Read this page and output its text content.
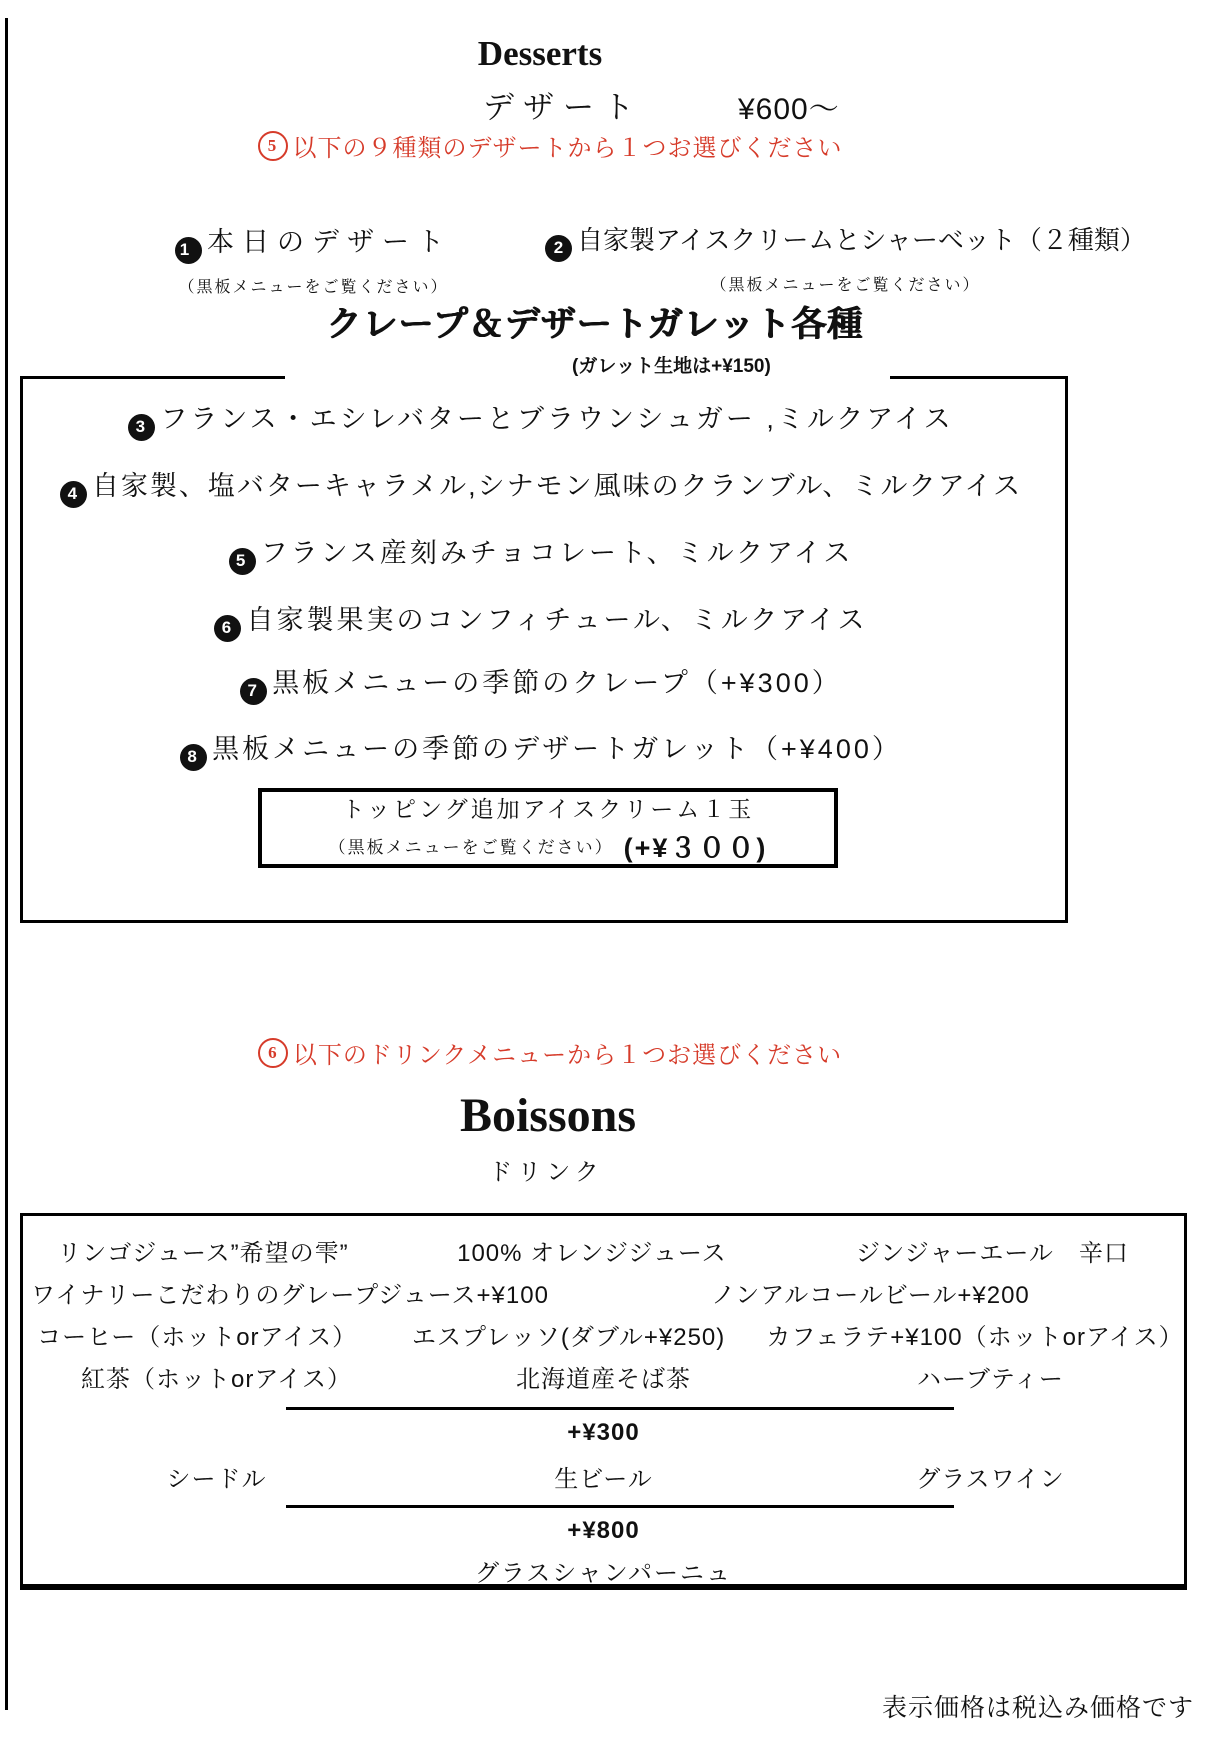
Desserts
デザート	¥600〜
5 以下の９種類のデザートから１つお選びください
1 本日のデザート
（黒板メニューをご覧ください）
2 自家製アイスクリームとシャーベット（２種類）
（黒板メニューをご覧ください）
クレープ＆デザートガレット各種
(ガレット生地は+¥150)
3 フランス・エシレバターとブラウンシュガー ,ミルクアイス
4 自家製、塩バターキャラメル,シナモン風味のクランブル、ミルクアイス
5 フランス産刻みチョコレート、ミルクアイス
6 自家製果実のコンフィチュール、ミルクアイス
7 黒板メニューの季節のクレープ（+¥300）
8 黒板メニューの季節のデザートガレット（+¥400）
トッピング追加アイスクリーム１玉
（黒板メニューをご覧ください） (+¥３００)
6 以下のドリンクメニューから１つお選びください
Boissons
ドリンク
リンゴジュース”希望の雫”	100% オレンジジュース	ジンジャーエール　辛口
ワイナリーこだわりのグレープジュース+¥100	ノンアルコールビール+¥200
コーヒー（ホットorアイス）	エスプレッソ(ダブル+¥250)	カフェラテ+¥100（ホットorアイス）
紅茶（ホットorアイス）	北海道産そば茶	ハーブティー
+¥300
シードル	生ビール	グラスワイン
+¥800
グラスシャンパーニュ
表示価格は税込み価格です
